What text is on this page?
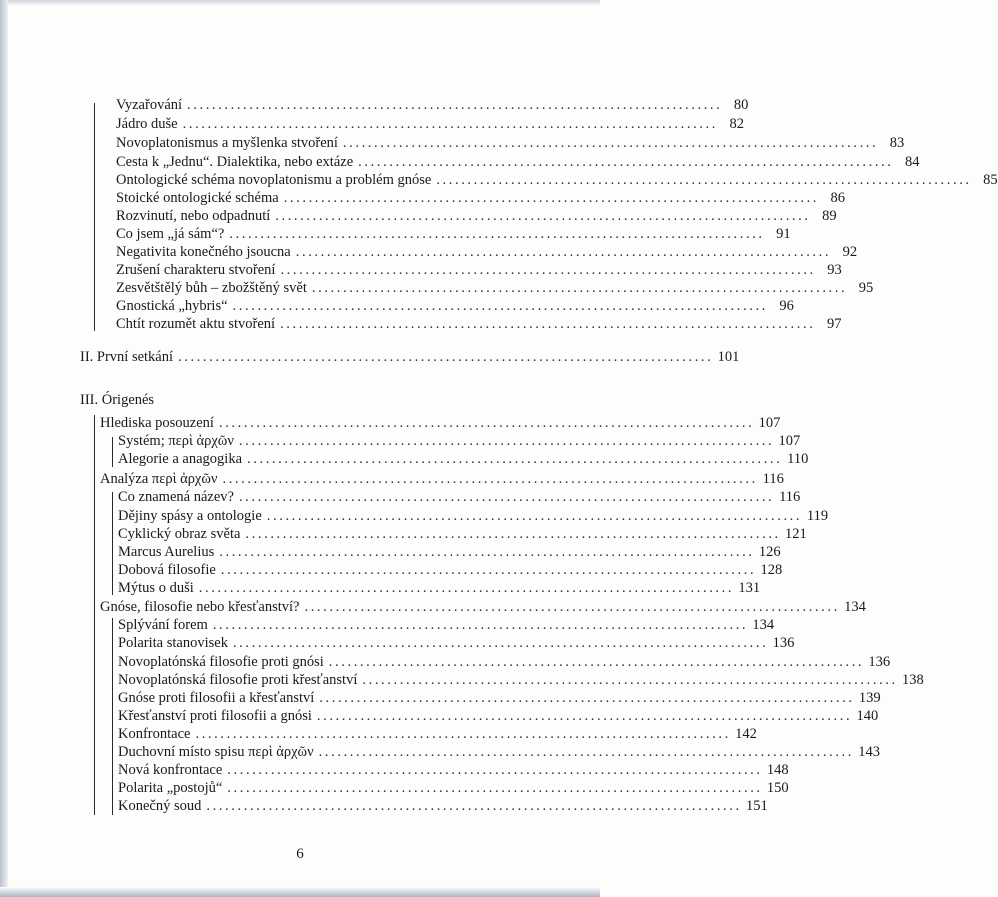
Vyzařování ...................................................................................... 80
Jádro duše ...................................................................................... 82
Novoplatonismus a myšlenka stvoření ...................................................................................... 83
Cesta k „Jednu“. Dialektika, nebo extáze ...................................................................................... 84
Ontologické schéma novoplatonismu a problém gnóse ...................................................................................... 85
Stoické ontologické schéma ...................................................................................... 86
Rozvinutí, nebo odpadnutí ...................................................................................... 89
Co jsem „já sám“? ...................................................................................... 91
Negativita konečného jsoucna ...................................................................................... 92
Zrušení charakteru stvoření ...................................................................................... 93
Zesvětštělý bůh – zbožštěný svět ...................................................................................... 95
Gnostická „hybris“ ...................................................................................... 96
Chtít rozumět aktu stvoření ...................................................................................... 97
II. První setkání ...................................................................................... 101
III. Órigenés
Hlediska posouzení ...................................................................................... 107
Systém; περὶ ἀρχῶν ...................................................................................... 107
Alegorie a anagogika ...................................................................................... 110
Analýza περὶ ἀρχῶν ...................................................................................... 116
Co znamená název? ...................................................................................... 116
Dějiny spásy a ontologie ...................................................................................... 119
Cyklický obraz světa ...................................................................................... 121
Marcus Aurelius ...................................................................................... 126
Dobová filosofie ...................................................................................... 128
Mýtus o duši ...................................................................................... 131
Gnóse, filosofie nebo křesťanství? ...................................................................................... 134
Splývání forem ...................................................................................... 134
Polarita stanovisek ...................................................................................... 136
Novoplatónská filosofie proti gnósi ...................................................................................... 136
Novoplatónská filosofie proti křesťanství ...................................................................................... 138
Gnóse proti filosofii a křesťanství ...................................................................................... 139
Křesťanství proti filosofii a gnósi ...................................................................................... 140
Konfrontace ...................................................................................... 142
Duchovní místo spisu περὶ ἀρχῶν ...................................................................................... 143
Nová konfrontace ...................................................................................... 148
Polarita „postojů“ ...................................................................................... 150
Konečný soud ...................................................................................... 151
6
